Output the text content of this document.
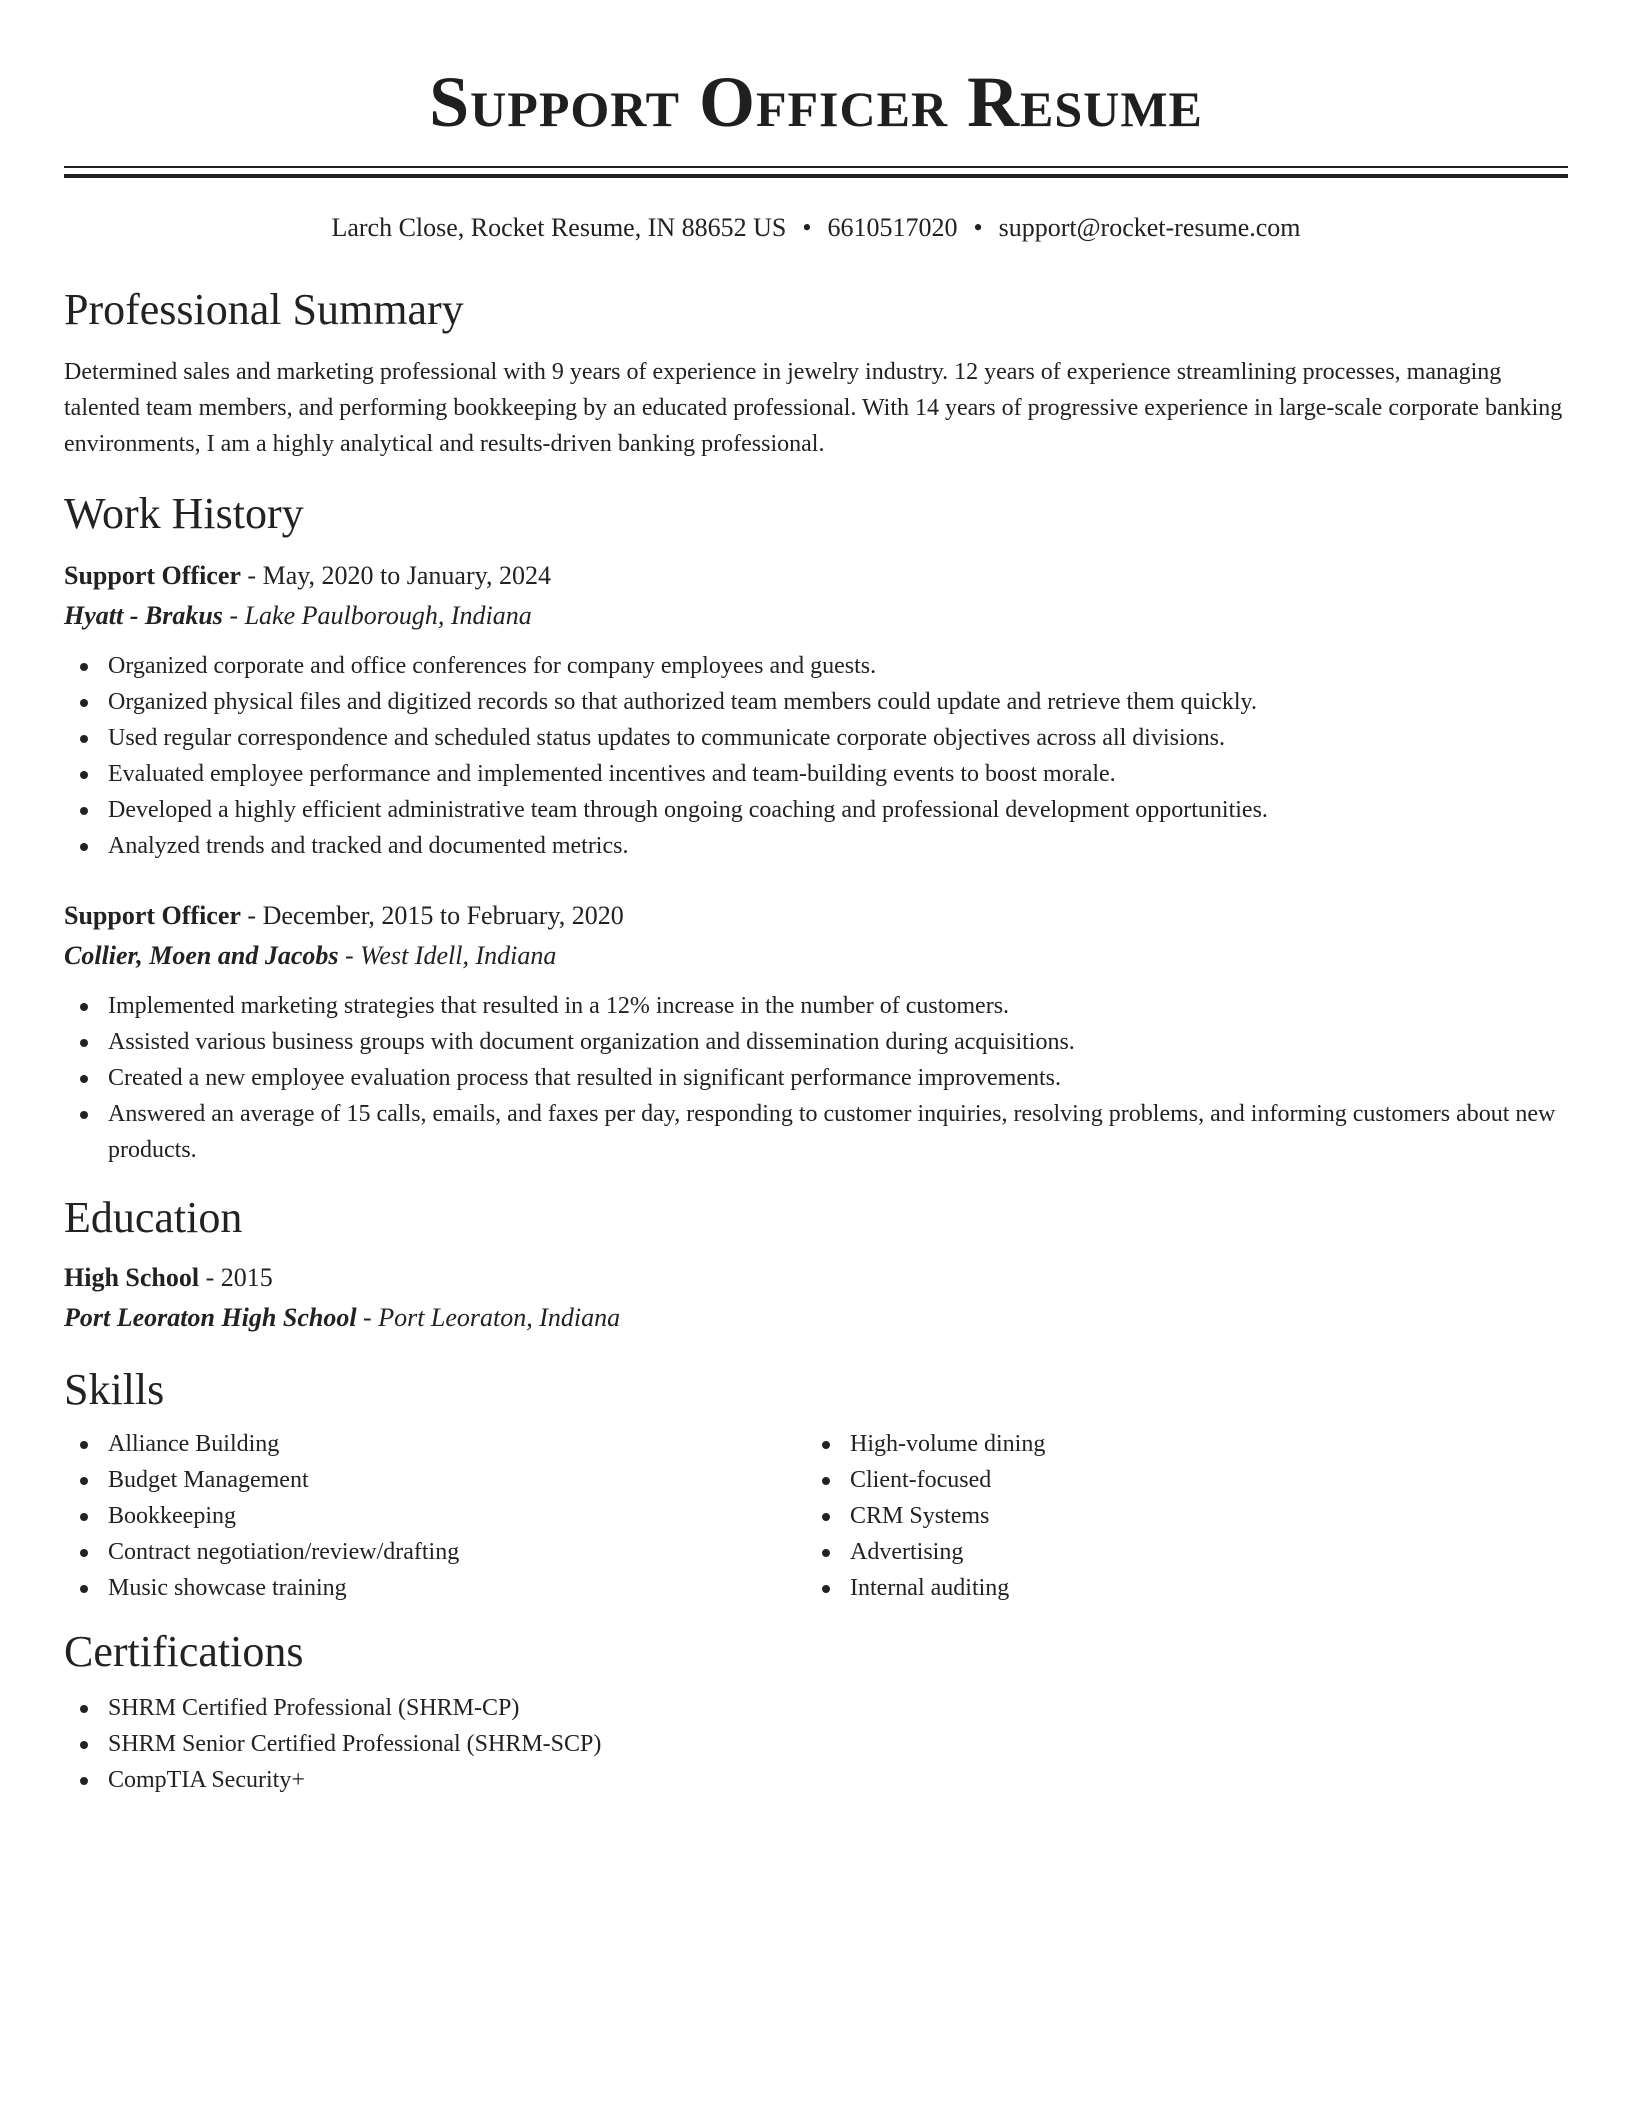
Support Officer Resume
Larch Close, Rocket Resume, IN 88652 US • 6610517020 • support@rocket-resume.com
Professional Summary
Determined sales and marketing professional with 9 years of experience in jewelry industry. 12 years of experience streamlining processes, managing talented team members, and performing bookkeeping by an educated professional. With 14 years of progressive experience in large-scale corporate banking environments, I am a highly analytical and results-driven banking professional.
Work History
Support Officer - May, 2020 to January, 2024
Hyatt - Brakus - Lake Paulborough, Indiana
Organized corporate and office conferences for company employees and guests.
Organized physical files and digitized records so that authorized team members could update and retrieve them quickly.
Used regular correspondence and scheduled status updates to communicate corporate objectives across all divisions.
Evaluated employee performance and implemented incentives and team-building events to boost morale.
Developed a highly efficient administrative team through ongoing coaching and professional development opportunities.
Analyzed trends and tracked and documented metrics.
Support Officer - December, 2015 to February, 2020
Collier, Moen and Jacobs - West Idell, Indiana
Implemented marketing strategies that resulted in a 12% increase in the number of customers.
Assisted various business groups with document organization and dissemination during acquisitions.
Created a new employee evaluation process that resulted in significant performance improvements.
Answered an average of 15 calls, emails, and faxes per day, responding to customer inquiries, resolving problems, and informing customers about new products.
Education
High School - 2015
Port Leoraton High School - Port Leoraton, Indiana
Skills
Alliance Building
Budget Management
Bookkeeping
Contract negotiation/review/drafting
Music showcase training
High-volume dining
Client-focused
CRM Systems
Advertising
Internal auditing
Certifications
SHRM Certified Professional (SHRM-CP)
SHRM Senior Certified Professional (SHRM-SCP)
CompTIA Security+
